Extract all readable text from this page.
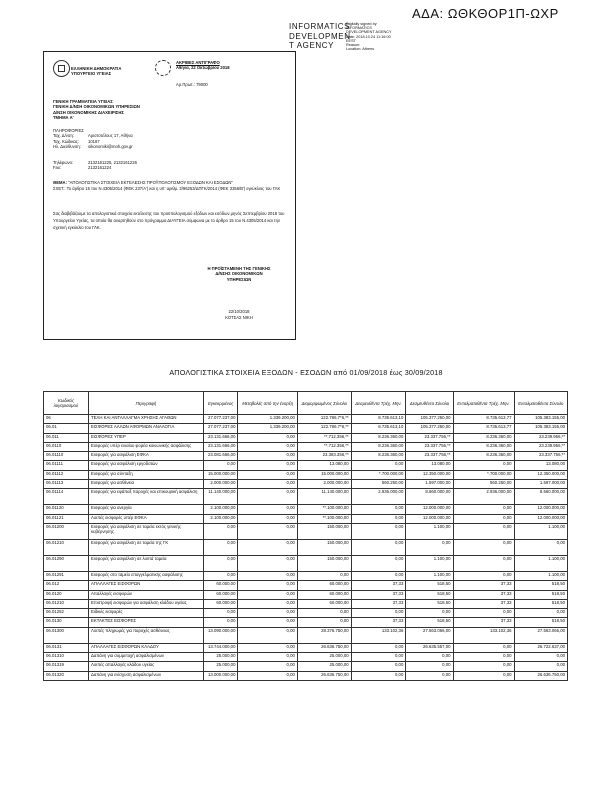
ΑΔΑ: ΩΘΚΘΟΡ1Π-ΩΧΡ
INFORMATICS
DEVELOPMEN
T AGENCY
Digitally signed by
INFORMATICS
DEVELOPMENT AGENCY
Date: 2018.10.24 11:16:00
EEST
Reason:
Location: Athens
ΕΛΛΗΝΙΚΗ ΔΗΜΟΚΡΑΤΙΑ
ΥΠΟΥΡΓΕΙΟ ΥΓΕΙΑΣ
ΑΚΡΙΒΕΣ ΑΝΤΙΓΡΑΦΟ
Αθήνα, 22 Οκτωβρίου 2018
Αρ.Πρωτ.: 79000
ΓΕΝΙΚΗ ΓΡΑΜΜΑΤΕΙΑ ΥΓΕΙΑΣ
ΓΕΝΙΚΗ Δ/ΝΣΗ ΟΙΚΟΝΟΜΙΚΩΝ ΥΠΗΡΕΣΙΩΝ
Δ/ΝΣΗ ΟΙΚΟΝΟΜΙΚΗΣ ΔΙΑΧΕΙΡΙΣΗΣ
ΤΜΗΜΑ Α'
ΠΛΗΡΟΦΟΡΙΕΣ
Ταχ. Δ/νση:	Αριστοτέλους 17, Αθήνα
Ταχ. Κώδικας: 10187
Ηλ. Διεύθυνση: oikonomiki@moh.gov.gr
Τηλέφωνο:	2132161225, 2132161226
Fax:	2132161224
ΘΕΜΑ: "ΑΠΟΛΟΓΙΣΤΙΚΑ ΣΤΟΙΧΕΙΑ ΕΚΤΕΛΕΣΗΣ ΠΡΟΫΠΟΛΟΓΙΣΜΟΥ ΕΞΟΔΩΝ ΚΑΙ ΕΣΟΔΩΝ"
ΣΧΕΤ.: Το άρθρο 15 του Ν.4305/2014 (ΦΕΚ 237/Α') και η υπ' αριθμ. 2/96253/ΔΠΓΚ/2014 (ΦΕΚ 3356/Β') εγκύκλιος του ΓΛΚ
Σας διαβιβάζουμε τα απολογιστικά στοιχεία εκτέλεσης του προϋπολογισμού εξόδων και εσόδων μηνός Σεπτεμβρίου 2018 του Υπουργείου Υγείας, τα οποία θα αναρτηθούν στο πρόγραμμα ΔΙΑΥΓΕΙΑ σύμφωνα με το άρθρο 15 του Ν.4305/2014 και την σχετική εγκύκλιο του ΓΛΚ.
Η ΠΡΟΪΣΤΑΜΕΝΗ ΤΗΣ ΓΕΝΙΚΗΣ
Δ/ΝΣΗΣ ΟΙΚΟΝΟΜΙΚΩΝ
ΥΠΗΡΕΣΙΩΝ
22/10/2018
ΚΟΤΣΑΣ ΝΙΚΗ
ΑΠΟΛΟΓΙΣΤΙΚΑ ΣΤΟΙΧΕΙΑ ΕΞΟΔΩΝ - ΕΣΟΔΩΝ από 01/09/2018 έως 30/09/2018
Κωδικός λογαριασμού	Περιγραφή	Εγκεκριμένος	Μεταβολές από την έναρξη	Διαμορφωμένος Σύνολο	Δεσμευθέντα Τρέχ. Μην.	Δεσμευθέντα Σύνολο	Ενταλματοθέντα Τρέχ. Μην.	Ενταλματοθέντα Σύνολο
06	ΤΕΛΗ ΚΑΙ ΑΝΤΑΛΛΑΓΜΑ ΧΡΗΣΗΣ ΑΓΑΘΩΝ	27.077.237,00	1.339.200,00	122.786.7*6,**	8.735.613,10	105.377.250,00	8.735.613,77	105.383.155,00
06.01	ΕΙΣΦΟΡΕΣ ΑΛΛΩΝ ΑΦΟΡΜΩΝ ΑΝΑΛΟΓΙΑ	27.077.237,00	1.339.200,00	122.786.7*6,**	8.735.613,10	105.377.250,00	8.735.613,77	105.383.155,00
06.011	ΕΙΣΦΟΡΕΣ ΥΠΕΡ	23.131.666,00	0,00	**.712.356,**	8.236.360,00	23.337.756,**	8.236.360,00	23.239.956,**
06.0110	Εισφορές υπέρ ενιαίου φορέα κοινωνικής ασφάλισης	23.131.666,00	0,00	**.712.356,**	8.236.360,00	23.337.756,**	8.236.360,00	23.239.956,**
06.01110	Εισφορές για ασφάλιση ΕΦΚΑ	23.081.666,00	0,00	23.383.356,**	8.236.360,00	23.337.756,**	8.236.360,00	23.337.756,**
06.01111	Εισφορές για ασφάλιση εργοδοτών	0,00	0,00	13.080,00	0,00	13.080,00	0,00	13.080,00
06.01112	Εισφορές για σύνταξη	15.000.000,00	0,00	15.000.000,00	*.700.000,00	12.350.000,00	*.700.000,00	12.350.000,00
06.01113	Εισφορές για ασθένεια	2.000.000,00	0,00	2.000.000,00	560.250,00	1.597.000,00	560.250,00	1.597.000,00
06.01114	Εισφορές για εφάπαξ παροχές και επικουρική ασφάλιση	11.140.000,00	0,00	11.140.000,00	2.936.000,00	8.660.000,00	2.936.000,00	8.660.000,00
06.01120	Εισφορές για ανεργία	2.100.000,00	0,00	**.100.000,00	0,00	12.000.000,00	0,00	12.000.000,00
06.01121	Λοιπές εισφορές υπέρ ΕΦΚΑ	2.100.000,00	0,00	**.100.000,00	0,00	12.000.000,00	0,00	12.000.000,00
06.01200	Εισφορές για ασφάλιση σε ταμεία εκτός γενικής κυβέρνησης	0,00	0,00	150.000,00	0,00	1.100,00	0,00	1.100,00
06.01210	Εισφορές για ασφάλιση σε ταμεία της ΓΚ	0,00	0,00	150.000,00	0,00	0,00	0,00	0,00
06.01290	Εισφορές για ασφάλιση σε λοιπά ταμεία	0,00	0,00	150.000,00	0,00	1.100,00	0,00	1.100,00
06.01291	Εισφορές στο ταμείο επαγγελματικής ασφάλισης	0,00	0,00	0,00	0,00	1.100,00	0,00	1.100,00
06.012	ΑΠΑΛΛΑΓΕΣ ΕΙΣΦΟΡΩΝ	60.000,00	0,00	60.000,00	37,33	518,50	37,33	518,50
06.0120	Απαλλαγές εισφορών	60.000,00	0,00	60.000,00	37,33	518,50	37,33	518,50
06.01210	Επιστροφή εισφορών για ασφάλιση κλάδου υγείας	60.000,00	0,00	60.000,00	37,33	518,50	37,33	518,50
06.01252	Ειδικές εισφορές	0,00	0,00	0,00	0,00	0,00	0,00	0,00
06.0130	ΕΚΤΑΚΤΕΣ ΕΙΣΦΟΡΕΣ	0,00	0,00	0,00	37,33	518,50	37,33	518,50
06.01300	Λοιπές πληρωμές για παροχές ασθένειας	13.090.000,00	0,00	28.376.750,00	133.102,36	27.563.066,00	133.102,36	27.563.066,00
06.0131	ΑΠΑΛΛΑΓΕΣ ΕΙΣΦΟΡΩΝ ΚΛΑΔΟΥ	13.744.000,00	0,00	26.636.750,00	0,00	26.635.557,00	0,00	26.722.637,00
06.01310	Δαπάνη για συμμετοχή ασφαλισμένων	25.000,00	0,00	25.000,00	0,00	0,00	0,00	0,00
06.01319	Λοιπές απαλλαγές κλάδου υγείας	25.000,00	0,00	25.000,00	0,00	0,00	0,00	0,00
06.01320	Δαπάνη για ενίσχυση ασφαλισμένων	13.000.000,00	0,00	26.636.750,00	0,00	0,00	0,00	26.636.750,00
